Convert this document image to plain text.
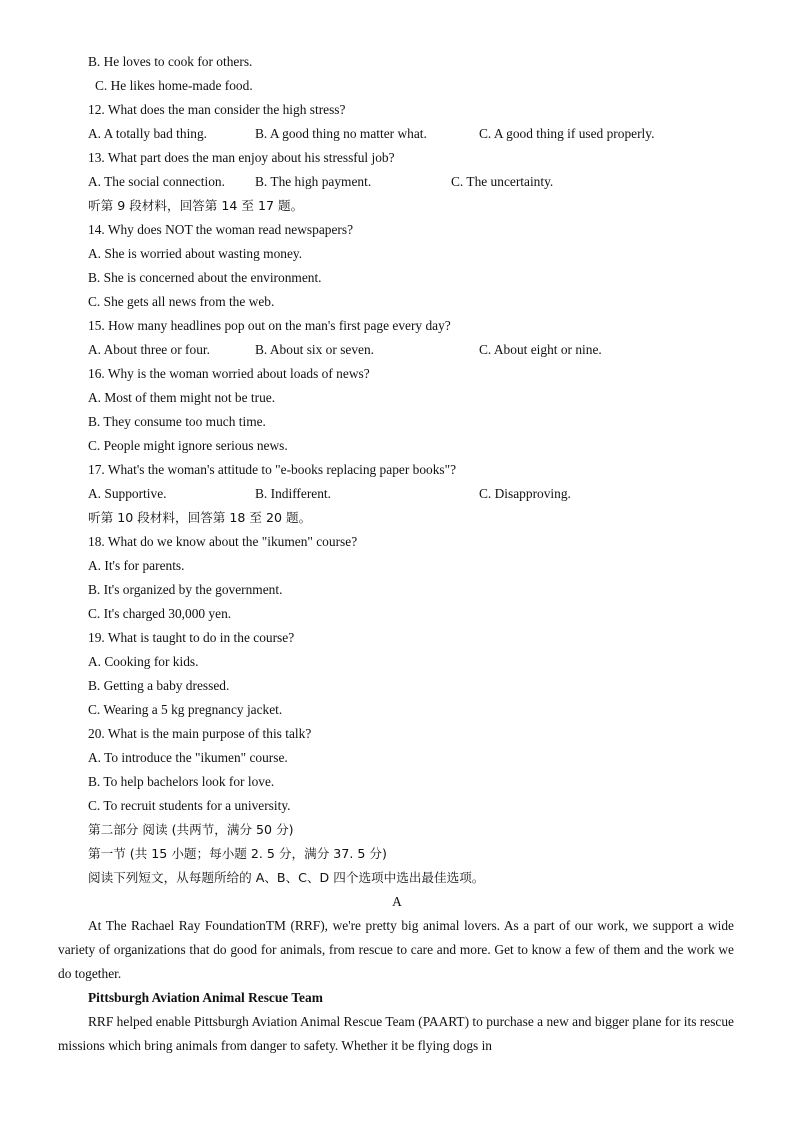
B. He loves to cook for others.
C. He likes home-made food.
12. What does the man consider the high stress?
A. A totally bad thing.	B. A good thing no matter what.	C. A good thing if used properly.
13. What part does the man enjoy about his stressful job?
A. The social connection. B. The high payment.	C. The uncertainty.
听第 9 段材料，回答第 14 至 17 题。
14. Why does NOT the woman read newspapers?
A. She is worried about wasting money.
B. She is concerned about the environment.
C. She gets all news from the web.
15. How many headlines pop out on the man's first page every day?
A. About three or four.	B. About six or seven.	C. About eight or nine.
16. Why is the woman worried about loads of news?
A. Most of them might not be true.
B. They consume too much time.
C. People might ignore serious news.
17. What's the woman's attitude to "e-books replacing paper books"?
A. Supportive.	B. Indifferent.	C. Disapproving.
听第 10 段材料，回答第 18 至 20 题。
18. What do we know about the "ikumen" course?
A. It's for parents.
B. It's organized by the government.
C. It's charged 30,000 yen.
19. What is taught to do in the course?
A. Cooking for kids.
B. Getting a baby dressed.
C. Wearing a 5 kg pregnancy jacket.
20. What is the main purpose of this talk?
A. To introduce the "ikumen" course.
B. To help bachelors look for love.
C. To recruit students for a university.
第二部分 阅读 (共两节，满分 50 分)
第一节 (共 15 小题；每小题 2. 5 分，满分 37. 5 分)
阅读下列短文，从每题所给的 A、B、C、D 四个选项中选出最佳选项。
A

At The Rachael Ray FoundationTM (RRF), we're pretty big animal lovers. As a part of our work, we support a wide variety of organizations that do good for animals, from rescue to care and more. Get to know a few of them and the work we do together.

Pittsburgh Aviation Animal Rescue Team

RRF helped enable Pittsburgh Aviation Animal Rescue Team (PAART) to purchase a new and bigger plane for its rescue missions which bring animals from danger to safety. Whether it be flying dogs in
